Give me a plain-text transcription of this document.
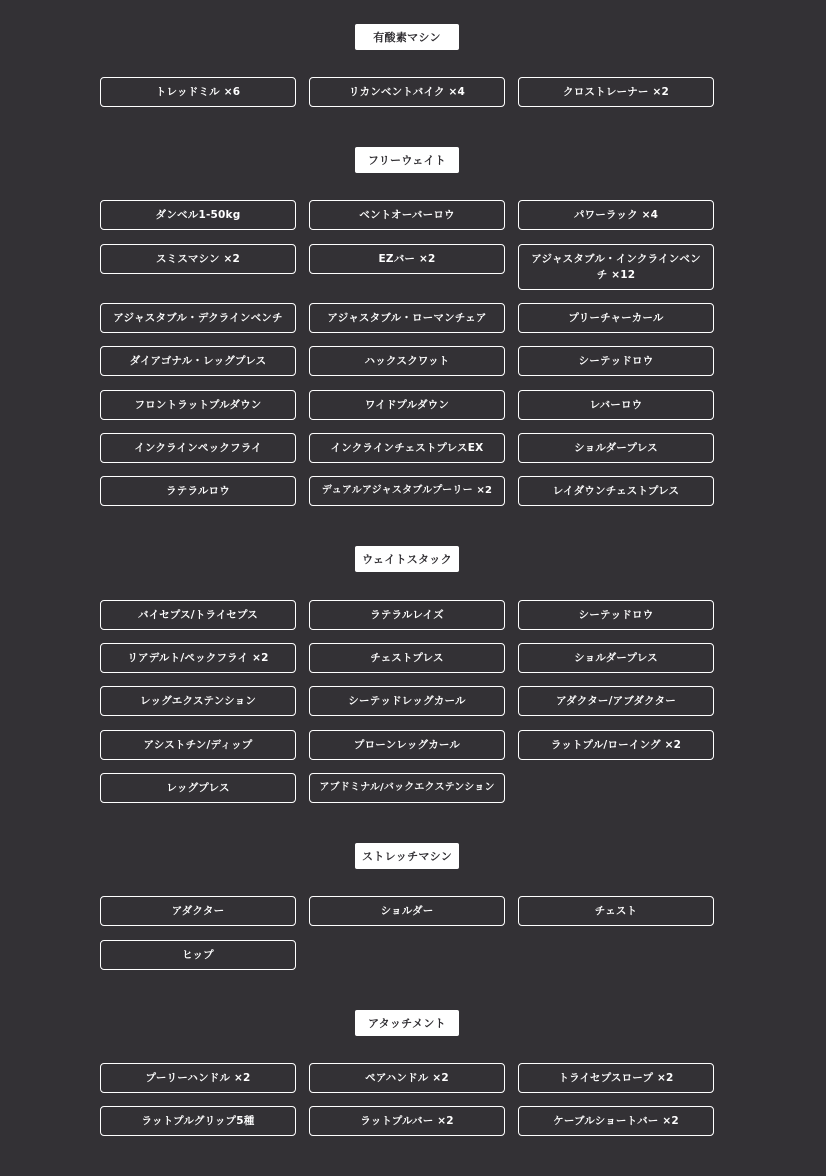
有酸素マシン
トレッドミル ×6	リカンベントバイク ×4	クロストレーナー ×2
フリーウェイト
ダンベル1-50kg	ベントオーバーロウ	パワーラック ×4
スミスマシン ×2	EZバー ×2	アジャスタブル・インクラインベンチ ×12
アジャスタブル・デクラインベンチ	アジャスタブル・ローマンチェア	プリーチャーカール
ダイアゴナル・レッグプレス	ハックスクワット	シーテッドロウ
フロントラットプルダウン	ワイドプルダウン	レバーロウ
インクラインペックフライ	インクラインチェストプレスEX	ショルダープレス
ラテラルロウ	デュアルアジャスタブルプーリー ×2	レイダウンチェストプレス
ウェイトスタック
バイセプス/トライセプス	ラテラルレイズ	シーテッドロウ
リアデルト/ペックフライ ×2	チェストプレス	ショルダープレス
レッグエクステンション	シーテッドレッグカール	アダクター/アブダクター
アシストチン/ディップ	プローンレッグカール	ラットプル/ローイング ×2
レッグプレス	アブドミナル/バックエクステンション
ストレッチマシン
アダクター	ショルダー	チェスト
ヒップ
アタッチメント
プーリーハンドル ×2	ペアハンドル ×2	トライセプスロープ ×2
ラットプルグリップ5種	ラットプルバー ×2	ケーブルショートバー ×2
